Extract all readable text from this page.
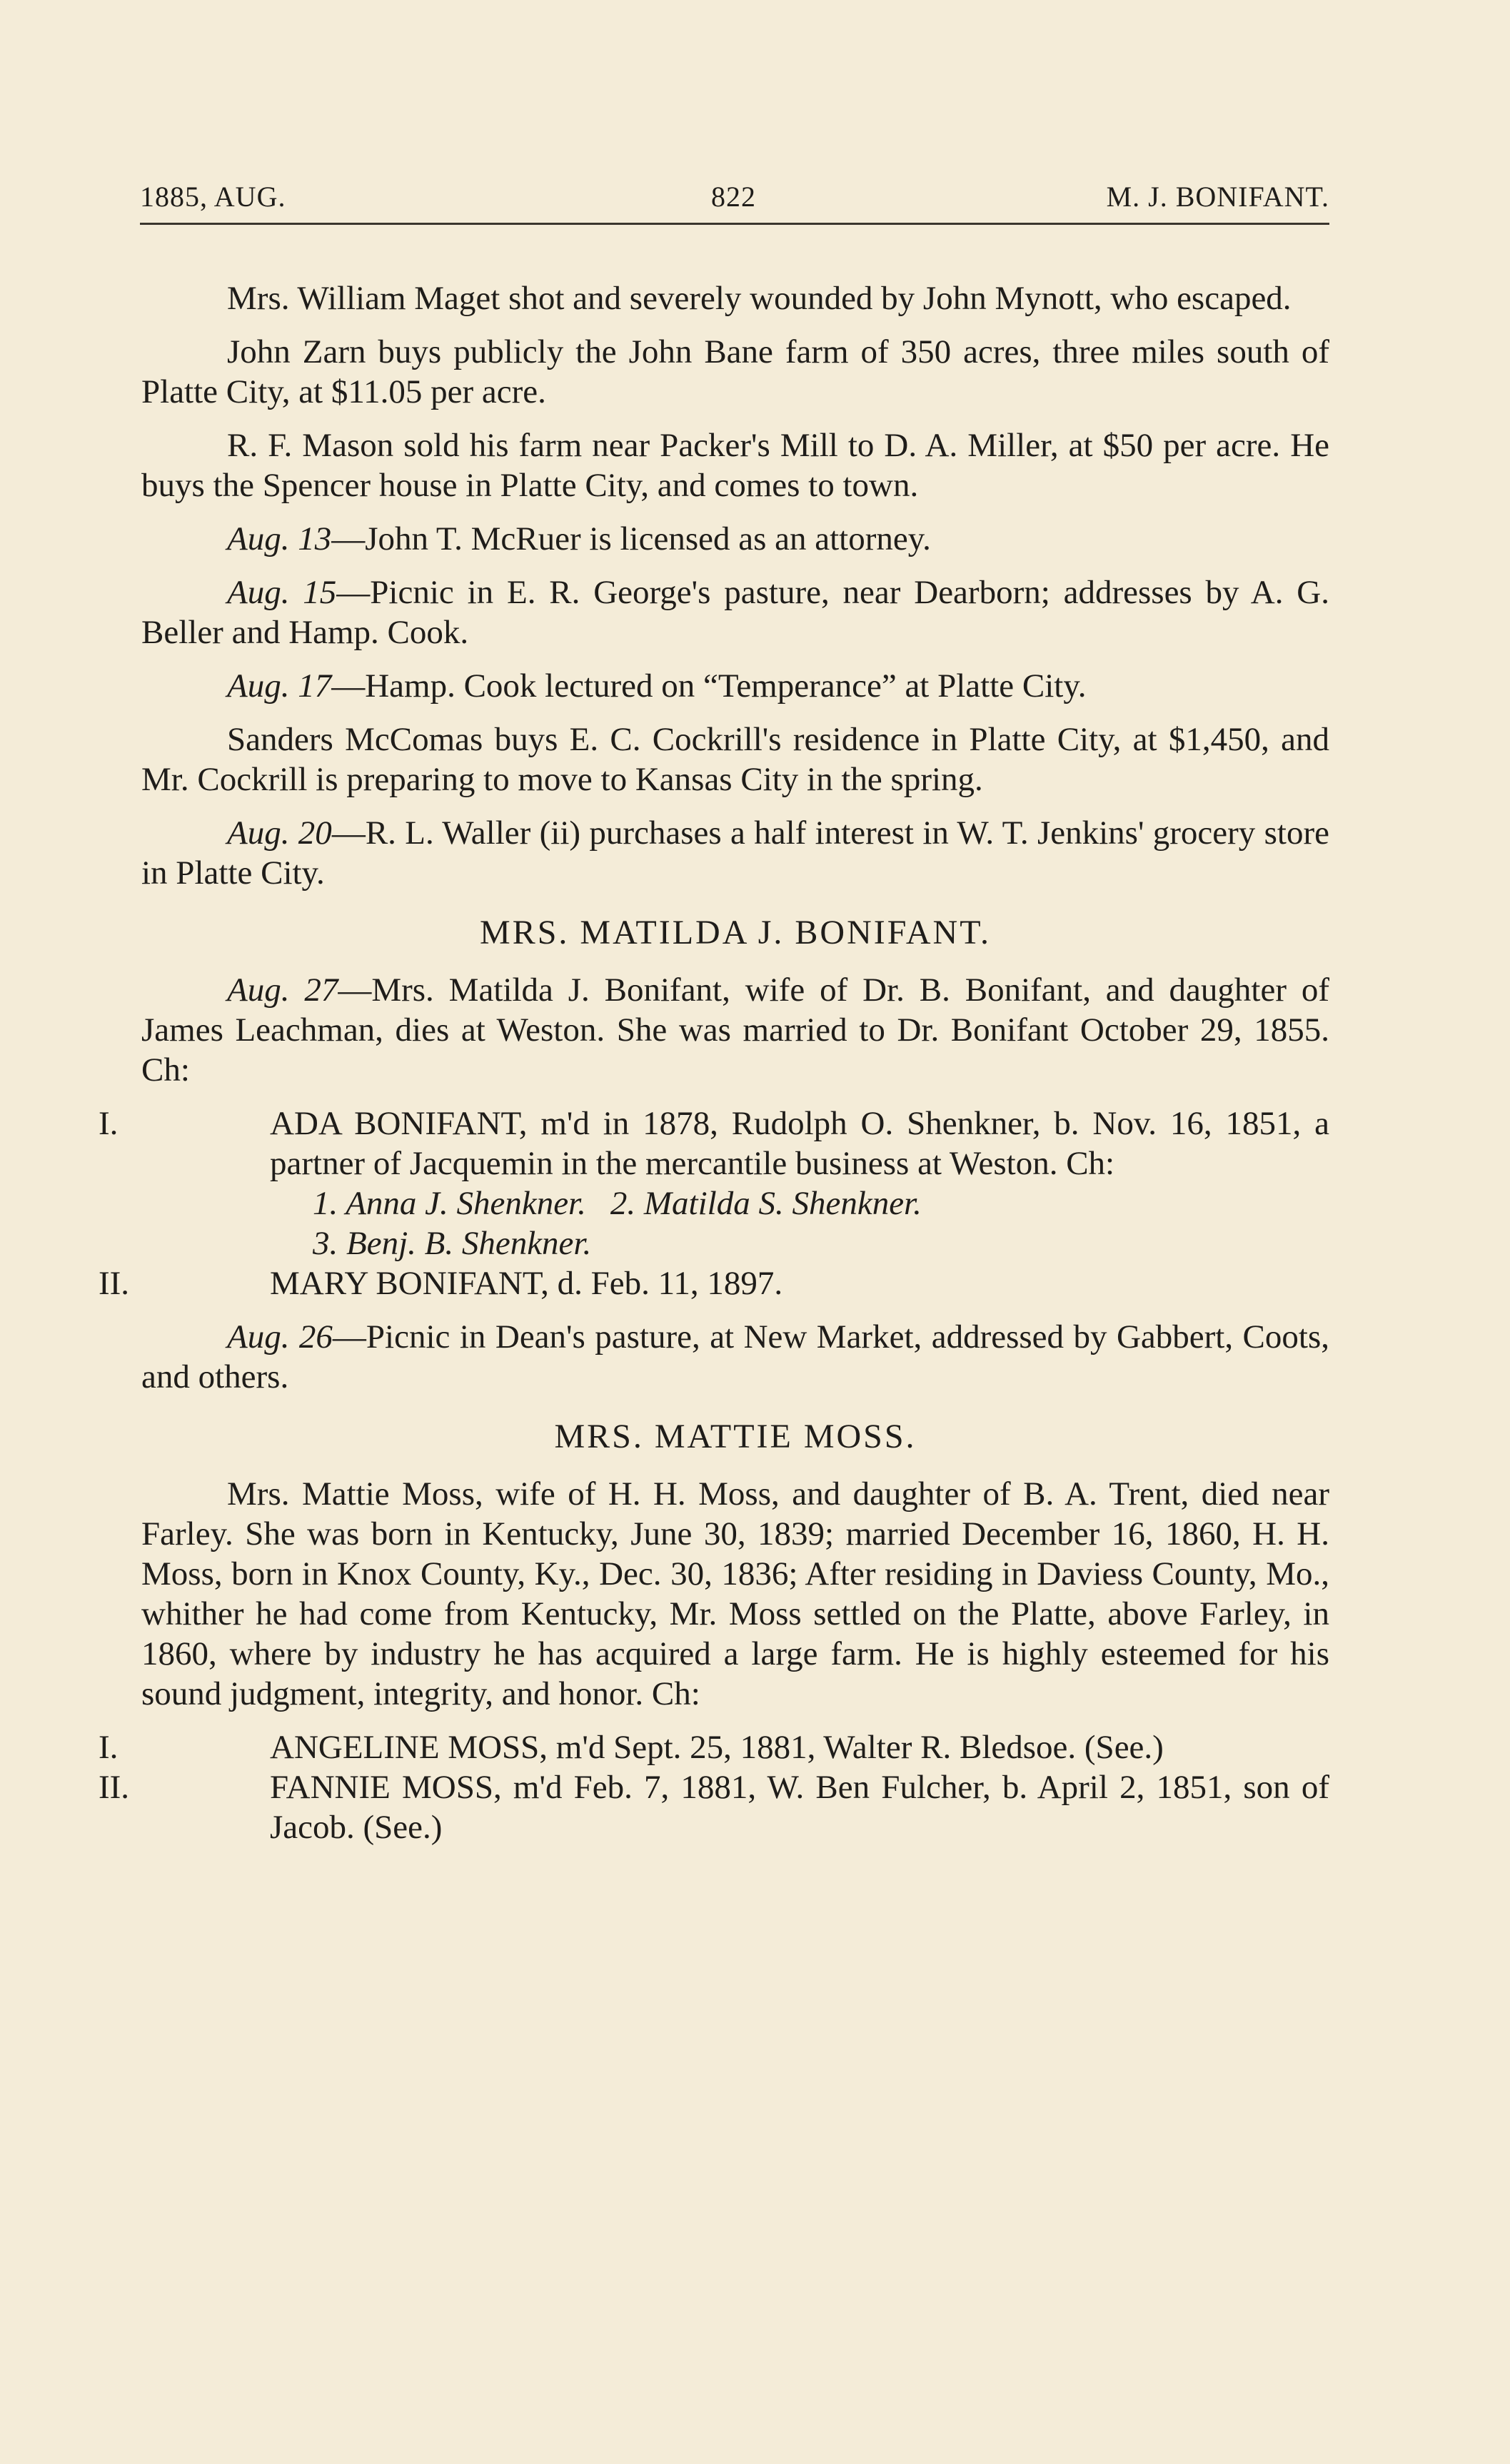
1885, AUG.	822	M. J. BONIFANT.

Mrs. William Maget shot and severely wounded by John Mynott, who escaped.

John Zarn buys publicly the John Bane farm of 350 acres, three miles south of Platte City, at $11.05 per acre.

R. F. Mason sold his farm near Packer's Mill to D. A. Miller, at $50 per acre. He buys the Spencer house in Platte City, and comes to town.

Aug. 13—John T. McRuer is licensed as an attorney.

Aug. 15—Picnic in E. R. George's pasture, near Dearborn; addresses by A. G. Beller and Hamp. Cook.

Aug. 17—Hamp. Cook lectured on “Temperance” at Platte City.

Sanders McComas buys E. C. Cockrill's residence in Platte City, at $1,450, and Mr. Cockrill is preparing to move to Kansas City in the spring.

Aug. 20—R. L. Waller (ii) purchases a half interest in W. T. Jenkins' grocery store in Platte City.

MRS. MATILDA J. BONIFANT.

Aug. 27—Mrs. Matilda J. Bonifant, wife of Dr. B. Bonifant, and daughter of James Leachman, dies at Weston. She was married to Dr. Bonifant October 29, 1855. Ch:

I.	ADA BONIFANT, m'd in 1878, Rudolph O. Shenkner, b. Nov. 16, 1851, a partner of Jacquemin in the mercantile business at Weston. Ch:
1. Anna J. Shenkner. 2. Matilda S. Shenkner.
3. Benj. B. Shenkner.
II.	MARY BONIFANT, d. Feb. 11, 1897.

Aug. 26—Picnic in Dean's pasture, at New Market, addressed by Gabbert, Coots, and others.

MRS. MATTIE MOSS.

Mrs. Mattie Moss, wife of H. H. Moss, and daughter of B. A. Trent, died near Farley. She was born in Kentucky, June 30, 1839; married December 16, 1860, H. H. Moss, born in Knox County, Ky., Dec. 30, 1836; After residing in Daviess County, Mo., whither he had come from Kentucky, Mr. Moss settled on the Platte, above Farley, in 1860, where by industry he has acquired a large farm. He is highly esteemed for his sound judgment, integrity, and honor. Ch:

I.	ANGELINE MOSS, m'd Sept. 25, 1881, Walter R. Bledsoe. (See.)
II.	FANNIE MOSS, m'd Feb. 7, 1881, W. Ben Fulcher, b. April 2, 1851, son of Jacob. (See.)
